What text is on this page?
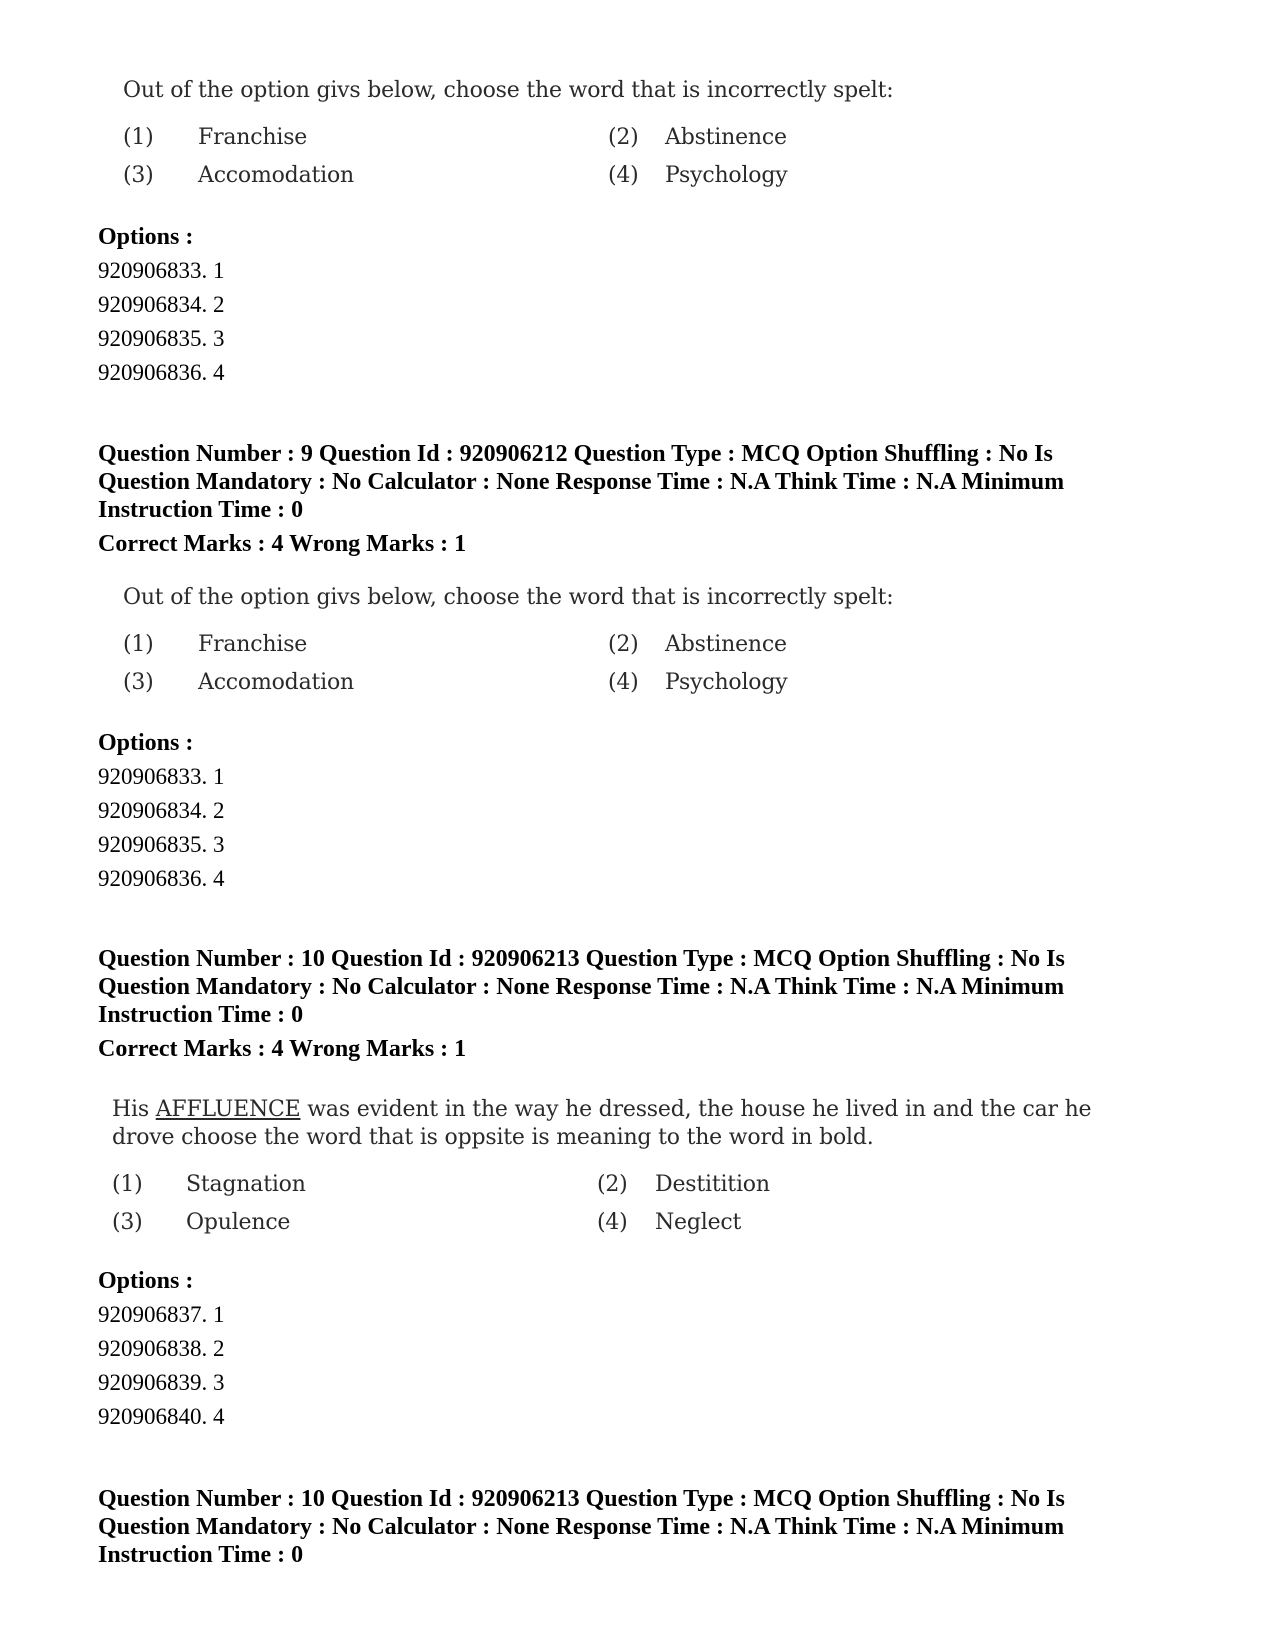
Out of the option givs below, choose the word that is incorrectly spelt:
(1) Franchise	(2) Abstinence
(3) Accomodation	(4) Psychology
Options :
920906833. 1
920906834. 2
920906835. 3
920906836. 4
Question Number : 9 Question Id : 920906212 Question Type : MCQ Option Shuffling : No Is
Question Mandatory : No Calculator : None Response Time : N.A Think Time : N.A Minimum
Instruction Time : 0
Correct Marks : 4 Wrong Marks : 1
Out of the option givs below, choose the word that is incorrectly spelt:
(1) Franchise	(2) Abstinence
(3) Accomodation	(4) Psychology
Options :
920906833. 1
920906834. 2
920906835. 3
920906836. 4
Question Number : 10 Question Id : 920906213 Question Type : MCQ Option Shuffling : No Is
Question Mandatory : No Calculator : None Response Time : N.A Think Time : N.A Minimum
Instruction Time : 0
Correct Marks : 4 Wrong Marks : 1
His AFFLUENCE was evident in the way he dressed, the house he lived in and the car he
drove choose the word that is oppsite is meaning to the word in bold.
(1) Stagnation	(2) Destitition
(3) Opulence	(4) Neglect
Options :
920906837. 1
920906838. 2
920906839. 3
920906840. 4
Question Number : 10 Question Id : 920906213 Question Type : MCQ Option Shuffling : No Is
Question Mandatory : No Calculator : None Response Time : N.A Think Time : N.A Minimum
Instruction Time : 0
